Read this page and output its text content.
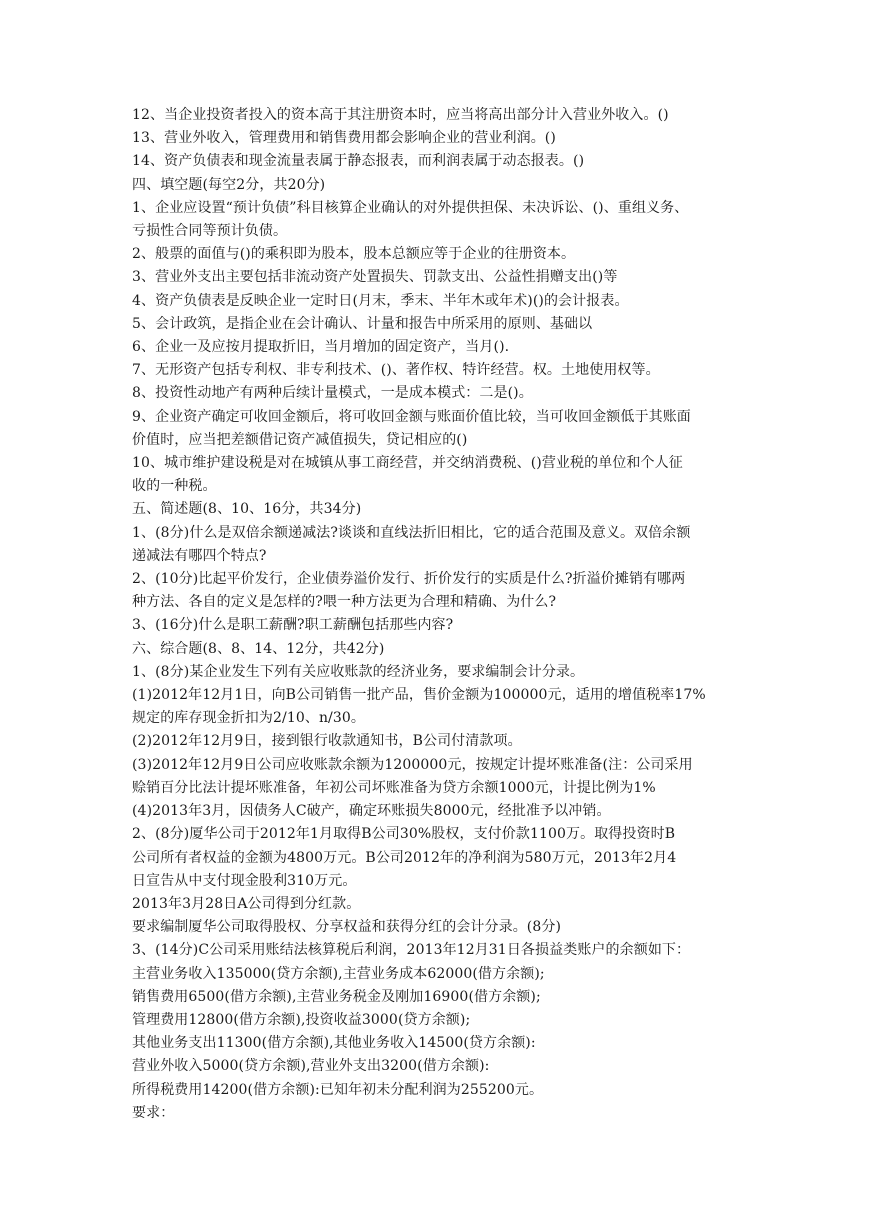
12、当企业投资者投入的资本高于其注册资本时，应当将高出部分计入营业外收入。()
13、营业外收入，管理费用和销售费用都会影响企业的营业利润。()
14、资产负债表和现金流量表属于静态报表，而利润表属于动态报表。()
四、填空题(每空2分，共20分)
1、企业应设置“预计负债”科目核算企业确认的对外提供担保、未决诉讼、()、重组义务、
亏损性合同等预计负债。
2、般票的面值与()的乘积即为股本，股本总额应等于企业的往册资本。
3、营业外支出主要包括非流动资产处置损失、罚款支出、公益性捐赠支出()等
4、资产负债表是反映企业一定时日(月末，季末、半年木或年术)()的会计报表。
5、会计政筑，是指企业在会计确认、计量和报告中所采用的原则、基础以
6、企业一及应按月提取折旧，当月増加的固定资产，当月().
7、无形资产包括专利权、非专利技术、()、著作权、特许经营。权。土地使用权等。
8、投资性动地产有两种后续计量模式，一是成本模式：二是()。
9、企业资产确定可收回金额后，将可收回金额与账面价值比较，当可收回金额低于其账面
价值时，应当把差额借记资产减值损失，贷记相应的()
10、城市维护建设税是对在城镇从事工商经营，并交纳消费税、()营业税的单位和个人征
收的一种税。
五、简述题(8、10、16分，共34分)
1、(8分)什么是双倍余额递减法?谈谈和直线法折旧相比，它的适合范围及意义。双倍余额
递减法有哪四个特点?
2、(10分)比起平价发行，企业债券溢价发行、折价发行的实质是什么?折溢价摊销有哪两
种方法、各自的定义是怎样的?喂一种方法更为合理和精确、为什么?
3、(16分)什么是职工薪酬?职工薪酬包括那些内容?
六、综合题(8、8、14、12分，共42分)
1、(8分)某企业发生下列有关应收账款的经济业务，要求编制会计分录。
(1)2012年12月1日，向B公司销售一批产品，售价金额为100000元，适用的增值税率17%
规定的库存现金折扣为2/10、n/30。
(2)2012年12月9日，接到银行收款通知书，B公司付清款项。
(3)2012年12月9日公司应收账款余额为1200000元，按规定计提坏账准备(注：公司采用
赊销百分比法计提坏账准备，年初公司坏账准备为贷方余额1000元，计提比例为1%
(4)2013年3月，因债务人C破产，确定环账损失8000元，经批准予以冲销。
2、(8分)厦华公司于2012年1月取得B公司30%股权，支付价款1100万。取得投资时B
公司所有者权益的金额为4800万元。B公司2012年的净利润为580万元，2013年2月4
日宣告从中支付现金股利310万元。
2013年3月28日A公司得到分红款。
要求编制厦华公司取得股权、分享权益和获得分红的会计分录。(8分)
3、(14分)C公司采用账结法核算税后利润，2013年12月31日各损益类账户的余额如下：
主营业务收入135000(贷方余额),主营业务成本62000(借方余额);
销售费用6500(借方余额),主营业务税金及刚加16900(借方余额);
管理费用12800(借方余额),投资收益3000(贷方余额);
其他业务支出11300(借方余额),其他业务收入14500(贷方余额):
营业外收入5000(贷方余额),营业外支出3200(借方余额):
所得税费用14200(借方余额):已知年初未分配利润为255200元。
要求：
